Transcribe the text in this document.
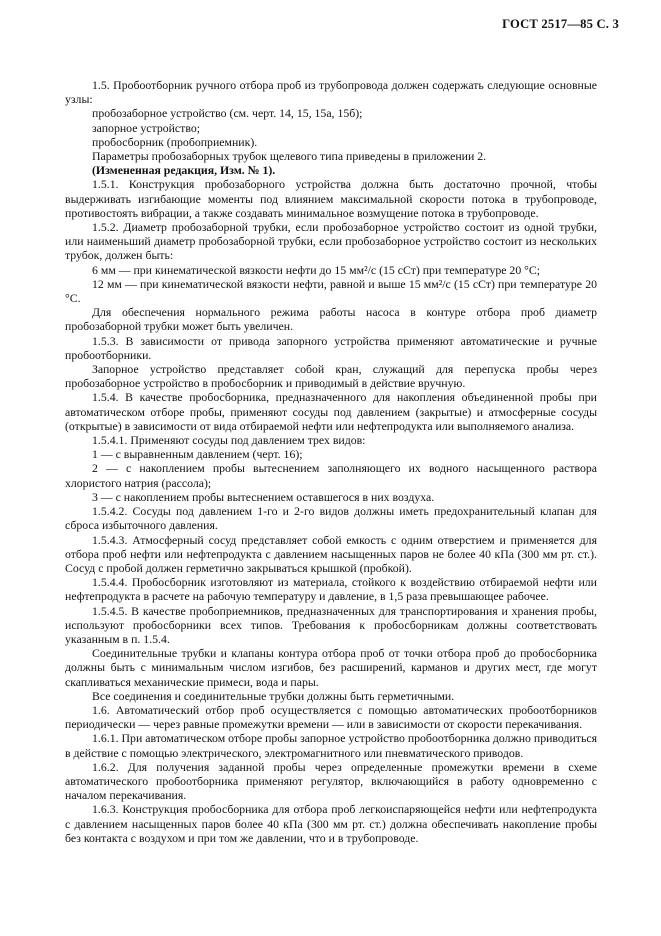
ГОСТ 2517—85 С. 3

1.5. Пробоотборник ручного отбора проб из трубопровода должен содержать следующие основные узлы:

пробозаборное устройство (см. черт. 14, 15, 15а, 15б);

запорное устройство;

пробосборник (пробоприемник).

Параметры пробозаборных трубок щелевого типа приведены в приложении 2.

(Измененная редакция, Изм. № 1).

1.5.1. Конструкция пробозаборного устройства должна быть достаточно прочной, чтобы выдерживать изгибающие моменты под влиянием максимальной скорости потока в трубопроводе, противостоять вибрации, а также создавать минимальное возмущение потока в трубопроводе.

1.5.2. Диаметр пробозаборной трубки, если пробозаборное устройство состоит из одной трубки, или наименьший диаметр пробозаборной трубки, если пробозаборное устройство состоит из нескольких трубок, должен быть:

6 мм — при кинематической вязкости нефти до 15 мм²/с (15 сСт) при температуре 20 °С;

12 мм — при кинематической вязкости нефти, равной и выше 15 мм²/с (15 сСт) при температуре 20 °С.

Для обеспечения нормального режима работы насоса в контуре отбора проб диаметр пробозаборной трубки может быть увеличен.

1.5.3. В зависимости от привода запорного устройства применяют автоматические и ручные пробоотборники.

Запорное устройство представляет собой кран, служащий для перепуска пробы через пробозаборное устройство в пробосборник и приводимый в действие вручную.

1.5.4. В качестве пробосборника, предназначенного для накопления объединенной пробы при автоматическом отборе пробы, применяют сосуды под давлением (закрытые) и атмосферные сосуды (открытые) в зависимости от вида отбираемой нефти или нефтепродукта или выполняемого анализа.

1.5.4.1. Применяют сосуды под давлением трех видов:

1 — с выравненным давлением (черт. 16);

2 — с накоплением пробы вытеснением заполняющего их водного насыщенного раствора хлористого натрия (рассола);

3 — с накоплением пробы вытеснением оставшегося в них воздуха.

1.5.4.2. Сосуды под давлением 1-го и 2-го видов должны иметь предохранительный клапан для сброса избыточного давления.

1.5.4.3. Атмосферный сосуд представляет собой емкость с одним отверстием и применяется для отбора проб нефти или нефтепродукта с давлением насыщенных паров не более 40 кПа (300 мм рт. ст.). Сосуд с пробой должен герметично закрываться крышкой (пробкой).

1.5.4.4. Пробосборник изготовляют из материала, стойкого к воздействию отбираемой нефти или нефтепродукта в расчете на рабочую температуру и давление, в 1,5 раза превышающее рабочее.

1.5.4.5. В качестве пробоприемников, предназначенных для транспортирования и хранения пробы, используют пробосборники всех типов. Требования к пробосборникам должны соответствовать указанным в п. 1.5.4.

Соединительные трубки и клапаны контура отбора проб от точки отбора проб до пробосборника должны быть с минимальным числом изгибов, без расширений, карманов и других мест, где могут скапливаться механические примеси, вода и пары.

Все соединения и соединительные трубки должны быть герметичными.

1.6. Автоматический отбор проб осуществляется с помощью автоматических пробоотборников периодически — через равные промежутки времени — или в зависимости от скорости перекачивания.

1.6.1. При автоматическом отборе пробы запорное устройство пробоотборника должно приводиться в действие с помощью электрического, электромагнитного или пневматического приводов.

1.6.2. Для получения заданной пробы через определенные промежутки времени в схеме автоматического пробоотборника применяют регулятор, включающийся в работу одновременно с началом перекачивания.

1.6.3. Конструкция пробосборника для отбора проб легкоиспаряющейся нефти или нефтепродукта с давлением насыщенных паров более 40 кПа (300 мм рт. ст.) должна обеспечивать накопление пробы без контакта с воздухом и при том же давлении, что и в трубопроводе.
